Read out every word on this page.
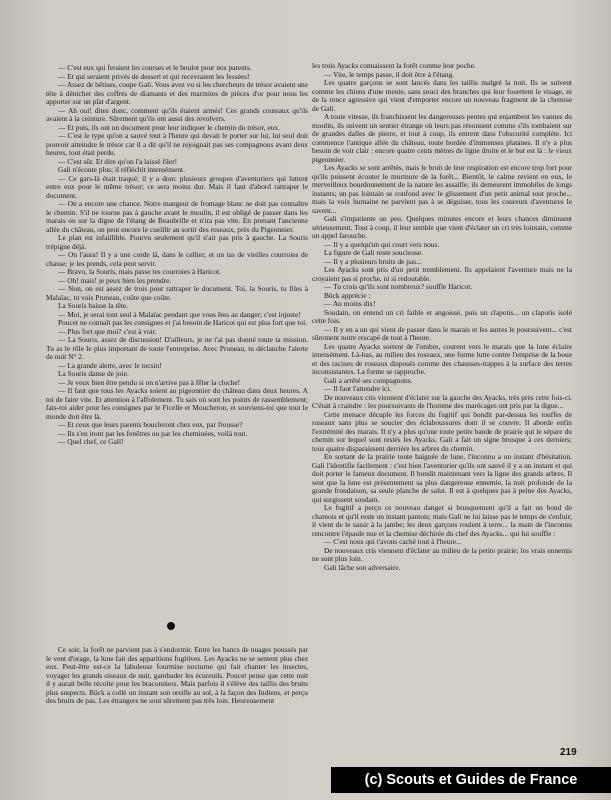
— C'est eux qui feraient les courses et le boulot pour nos parents.

— Et qui seraient privés de dessert et qui recevraient les fessées!

— Assez de bêtises, coupe Gali. Vous avez vu si les chercheurs de trésor avaient une tête à dénicher des coffres de diamants et des marmites de pièces d'or pour nous les apporter sur un plat d'argent.

— Ah oui! dites donc, comment qu'ils étaient armés! Ces grands couteaux qu'ils avaient à la ceinture. Sûrement qu'ils ont aussi des revolvers.

— Et puis, ils ont un document pour leur indiquer le chemin du trésor, eux.

— C'est le type qu'on a sauvé tout à l'heure qui devait le porter sur lui, lui seul doit pouvoir atteindre le trésor car il a dit qu'il ne rejoignait pas ses compagnons avant deux heures, tout était perdu.

— C'est sûr. Et dire qu'on l'a laissé filer!

Gali n'écoute plus; il réfléchit intensément.

— Ce gars-là était traqué; il y a donc plusieurs groupes d'aventuriers qui luttent entre eux pour le même trésor; ce sera moins dur. Mais il faut d'abord rattraper le document.

— On a encore une chance. Notre mangeur de fromage blanc ne doit pas connaître le chemin. S'il ne tourne pas à gauche avant le moulin, il est obligé de passer dans les marais ou sur la digue de l'étang de Beaubrille et n'ira pas vite. En prenant l'ancienne allée du château, on peut encore le cueillir au sortir des roseaux, près du Pigeonnier.

Le plan est infaillible. Pourvu seulement qu'il n'ait pas pris à gauche. La Souris trépigne déjà.

— On l'aura! Il y a une corde là, dans le cellier, et un tas de vieilles courroies de chasse; je les prends, cela peut servir.

— Bravo, la Souris, mais passe tes courroies à Haricot.

— Oh! mais! je peux bien les prendre.

— Non, on est assez de trois pour rattraper le document. Toi, la Souris, tu files à Malaïac, tu vois Pruneau, coûte que coûte.

La Souris baisse la tête.

— Moi, je serai tout seul à Malaïac pendant que vous êtes au danger; c'est injuste!

Poucet ne connaît pas les consignes et j'ai besoin de Haricot qui est plus fort que toi.

— Plus fort que moi? c'est à voir.

— La Souris, assez de discussion! D'ailleurs, je ne t'ai pas donné toute ta mission. Tu as le rôle le plus important de toute l'entreprise. Avec Pruneau, tu déclanche l'alerte de nuit N° 2.

— La grande alerte, avec le tocsin!

La Souris danse de joie.

— Je veux bien être pendu si on n'arrive pas à fêler la cloche!

— Il faut que tous les Ayacks soient au pigeonnier du château dans deux heures. A toi de faire vite. Et attention à l'affolement. Tu sais où sont les points de rassemblement; fais-toi aider pour les consignes par le Ficelle et Moucheron, et souviens-toi que tout le monde doit être là.

— Et ceux que leurs parents boucleront chez eux, par frousse?

— Ils s'en iront par les fenêtres ou par les cheminées, voilà tout.

— Quel chef, ce Gali!

Ce soir, la forêt ne parvient pas à s'endormir. Entre les bancs de nuages poussés par le vent d'orage, la lune fait des apparitions fugitives. Les Ayacks ne se sentent plus chez eux. Peut-être est-ce la fabuleuse fourmise nocturne qui fait chanter les insectes, voyager les grands oiseaux de nuit, gambader les écureuils. Poucet pense que cette nuit il y aurait belle récolte pour les braconniers. Mais parfois il s'élève des taillis des bruits plus suspects. Bück a collé un instant son oreille au sol, à la façon des Indiens, et perçu des bruits de pas. Les étrangers ne sont sûrement pas très loin. Heureusement

les trois Ayacks connaissent la forêt comme leur poche.

— Vite, le temps passe, il doit être à l'étang.

Les quatre garçons se sont lancés dans les taillis malgré la nuit. Ils se suivent comme les chiens d'une meute, sans souci des branches qui leur fouettent le visage, ni de la ronce agressive qui vient d'emporter encore un nouveau fragment de la chemise de Gali.

A toute vitesse, ils franchissent les dangereuses pentes qui enjambent les vannes du moulin, ils suivent un sentier étrange où leurs pas résonnent comme s'ils tombaient sur de grandes dalles de pierre, et tout à coup, ils entrent dans l'obscurité complète. Ici commence l'antique allée du château, toute bordée d'immenses platanes. Il n'y a plus besoin de voir clair : encore quatre cents mètres de ligne droite et le but est là : le vieux pigeonnier.

Les Ayacks se sont arrêtés, mais le bruit de leur respiration est encore trop fort pour qu'ils puissent écouter le murmure de la forêt... Bientôt, le calme revient en eux, le merveilleux bourdonnement de la nature les assaille; ils demeurent immobiles de longs instants; un pas lointain se confond avec le glissement d'un petit animal tout proche... mais la voix humaine ne parvient pas à se déguiser, tous les coureurs d'aventures le savent...

Gali s'impatiente un peu. Quelques minutes encore et leurs chances diminuent sérieusement. Tout à coup, il leur semble que vient d'éclater un cri très lointain, comme un appel farouche.

— Il y a quelqu'un qui court vers nous.

La figure de Gali reste soucieuse.

— Il y a plusieurs bruits de pas...

Les Ayacks sont pris d'un petit tremblement. Ils appelaient l'aventure mais ne la croyaient pas si proche, ni si redoutable.

— Tu crois qu'ils sont nombreux? souffle Haricot.

Bück apprécie :

— Au moins dix!

Soudain, on entend un cri faible et angoissé, puis un clapotis... un clapotis isolé cette fois.

— Il y en a un qui vient de passer dans le marais et les autres le poursuivent... c'est sûrement notre rescapé de tout à l'heure.

Les quatre Ayacks sortent de l'ombre, courent vers le marais que la lune éclaire intensément. Là-bas, au milieu des roseaux, une forme lutte contre l'emprise de la boue et des racines de roseaux disposés comme des chausses-trappes à la surface des terres inconsistantes. La forme se rapproche.

Gali a arrêté ses compagnons.

— Il faut l'attendre ici.

De nouveaux cris viennent d'éclater sur la gauche des Ayacks, très près cette fois-ci. C'était à craindre : les poursuivants de l'homme des marécages ont pris par la digue...

Cette menace décuple les forces du fugitif qui bondit par-dessus les touffes de roseaux sans plus se soucier des éclaboussures dont il se couvre. Il aborde enfin l'extrémité des marais. Il n'y a plus qu'une toute petite bande de prairie qui le sépare du chemin sur lequel sont restés les Ayacks. Gali a fait un signe brusque à ces derniers; tous quatre disparaissent derrière les arbres du chemin.

En sortant de la prairie toute baignée de lune, l'inconnu a un instant d'hésitation. Gali l'identifie facilement : c'est bien l'aventurier qu'ils ont sauvé il y a un instant et qui doit porter le fameux document. Il bondit maintenant vers la ligne des grands arbres. Il sent que la lune est présentement sa plus dangereuse ennemie, la nuit profonde de la grande frondaison, sa seule planche de salut. Il est à quelques pas à peine des Ayacks, qui surgissent soudain.

Le fugitif a perçu ce nouveau danger si brusquement qu'il a fait un bond de chamois et qu'il reste un instant pantois; mais Gali ne lui laisse pas le temps de s'enfuir; il vient de le saisir à la jambe; les deux garçons roulent à terre... la main de l'inconnu rencontre l'épaule nue et la chemise déchirée du chef des Ayacks... qui lui souffle :

— C'est nous qui t'avons caché tout à l'heure...

De nouveaux cris viennent d'éclater au milieu de la petite prairie; les vrais ennemis ne sont plus loin.

Gali lâche son adversaire.

219
(c) Scouts et Guides de France
